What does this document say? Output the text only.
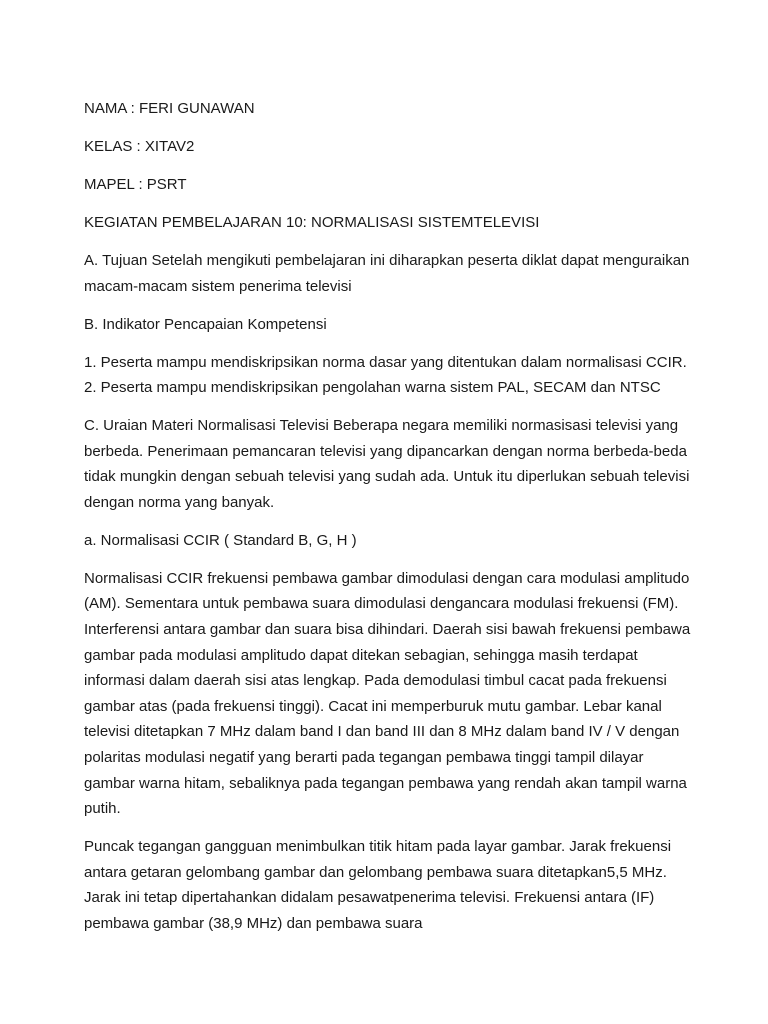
NAMA : FERI GUNAWAN

KELAS : XITAV2

MAPEL : PSRT

KEGIATAN PEMBELAJARAN 10: NORMALISASI SISTEMTELEVISI

A. Tujuan Setelah mengikuti pembelajaran ini diharapkan peserta diklat dapat menguraikan macam-macam sistem penerima televisi

B. Indikator Pencapaian Kompetensi

1. Peserta mampu mendiskripsikan norma dasar yang ditentukan dalam normalisasi CCIR. 2. Peserta mampu mendiskripsikan pengolahan warna sistem PAL, SECAM dan NTSC

C. Uraian Materi Normalisasi Televisi Beberapa negara memiliki normasisasi televisi yang berbeda. Penerimaan pemancaran televisi yang dipancarkan dengan norma berbeda-beda tidak mungkin dengan sebuah televisi yang sudah ada. Untuk itu diperlukan sebuah televisi dengan norma yang banyak.

a. Normalisasi CCIR ( Standard B, G, H )

Normalisasi CCIR frekuensi pembawa gambar dimodulasi dengan cara modulasi amplitudo (AM). Sementara untuk pembawa suara dimodulasi dengancara modulasi frekuensi (FM). Interferensi antara gambar dan suara bisa dihindari. Daerah sisi bawah frekuensi pembawa gambar pada modulasi amplitudo dapat ditekan sebagian, sehingga masih terdapat informasi dalam daerah sisi atas lengkap. Pada demodulasi timbul cacat pada frekuensi gambar atas (pada frekuensi tinggi). Cacat ini memperburuk mutu gambar. Lebar kanal televisi ditetapkan 7 MHz dalam band I dan band III dan 8 MHz dalam band IV / V dengan polaritas modulasi negatif yang berarti pada tegangan pembawa tinggi tampil dilayar gambar warna hitam, sebaliknya pada tegangan pembawa yang rendah akan tampil warna putih.

Puncak tegangan gangguan menimbulkan titik hitam pada layar gambar. Jarak frekuensi antara getaran gelombang gambar dan gelombang pembawa suara ditetapkan5,5 MHz. Jarak ini tetap dipertahankan didalam pesawatpenerima televisi. Frekuensi antara (IF) pembawa gambar (38,9 MHz) dan pembawa suara
